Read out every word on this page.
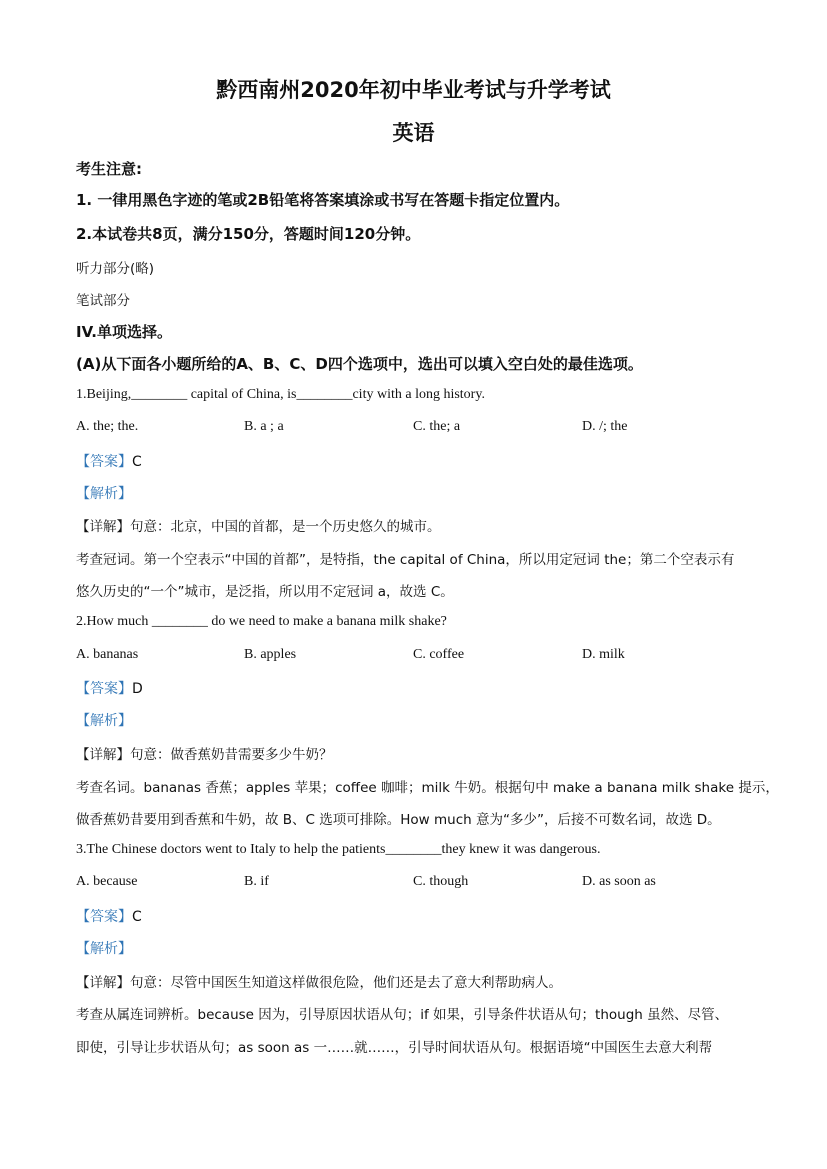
黔西南州2020年初中毕业考试与升学考试
英语
考生注意:
1. 一律用黑色字迹的笔或2B铅笔将答案填涂或书写在答题卡指定位置内。
2.本试卷共8页，满分150分，答题时间120分钟。
听力部分(略)
笔试部分
IV.单项选择。
(A)从下面各小题所给的A、B、C、D四个选项中，选出可以填入空白处的最佳选项。
1.Beijing,________ capital of China, is________city with a long history.
A. the; the.	B. a ; a	C. the; a	D. /; the
【答案】C
【解析】
【详解】句意：北京，中国的首都，是一个历史悠久的城市。
考查冠词。第一个空表示“中国的首都”，是特指，the capital of China，所以用定冠词 the；第二个空表示有
悠久历史的“一个”城市，是泛指，所以用不定冠词 a，故选 C。
2.How much ________ do we need to make a banana milk shake?
A. bananas	B. apples	C. coffee	D. milk
【答案】D
【解析】
【详解】句意：做香蕉奶昔需要多少牛奶？
考查名词。bananas 香蕉；apples 苹果；coffee 咖啡；milk 牛奶。根据句中 make a banana milk shake 提示，
做香蕉奶昔要用到香蕉和牛奶，故 B、C 选项可排除。How much 意为“多少”，后接不可数名词，故选 D。
3.The Chinese doctors went to Italy to help the patients________they knew it was dangerous.
A. because	B. if	C. though	D. as soon as
【答案】C
【解析】
【详解】句意：尽管中国医生知道这样做很危险，他们还是去了意大利帮助病人。
考查从属连词辨析。because 因为，引导原因状语从句；if 如果，引导条件状语从句；though 虽然、尽管、
即使，引导让步状语从句；as soon as 一……就……，引导时间状语从句。根据语境“中国医生去意大利帮
